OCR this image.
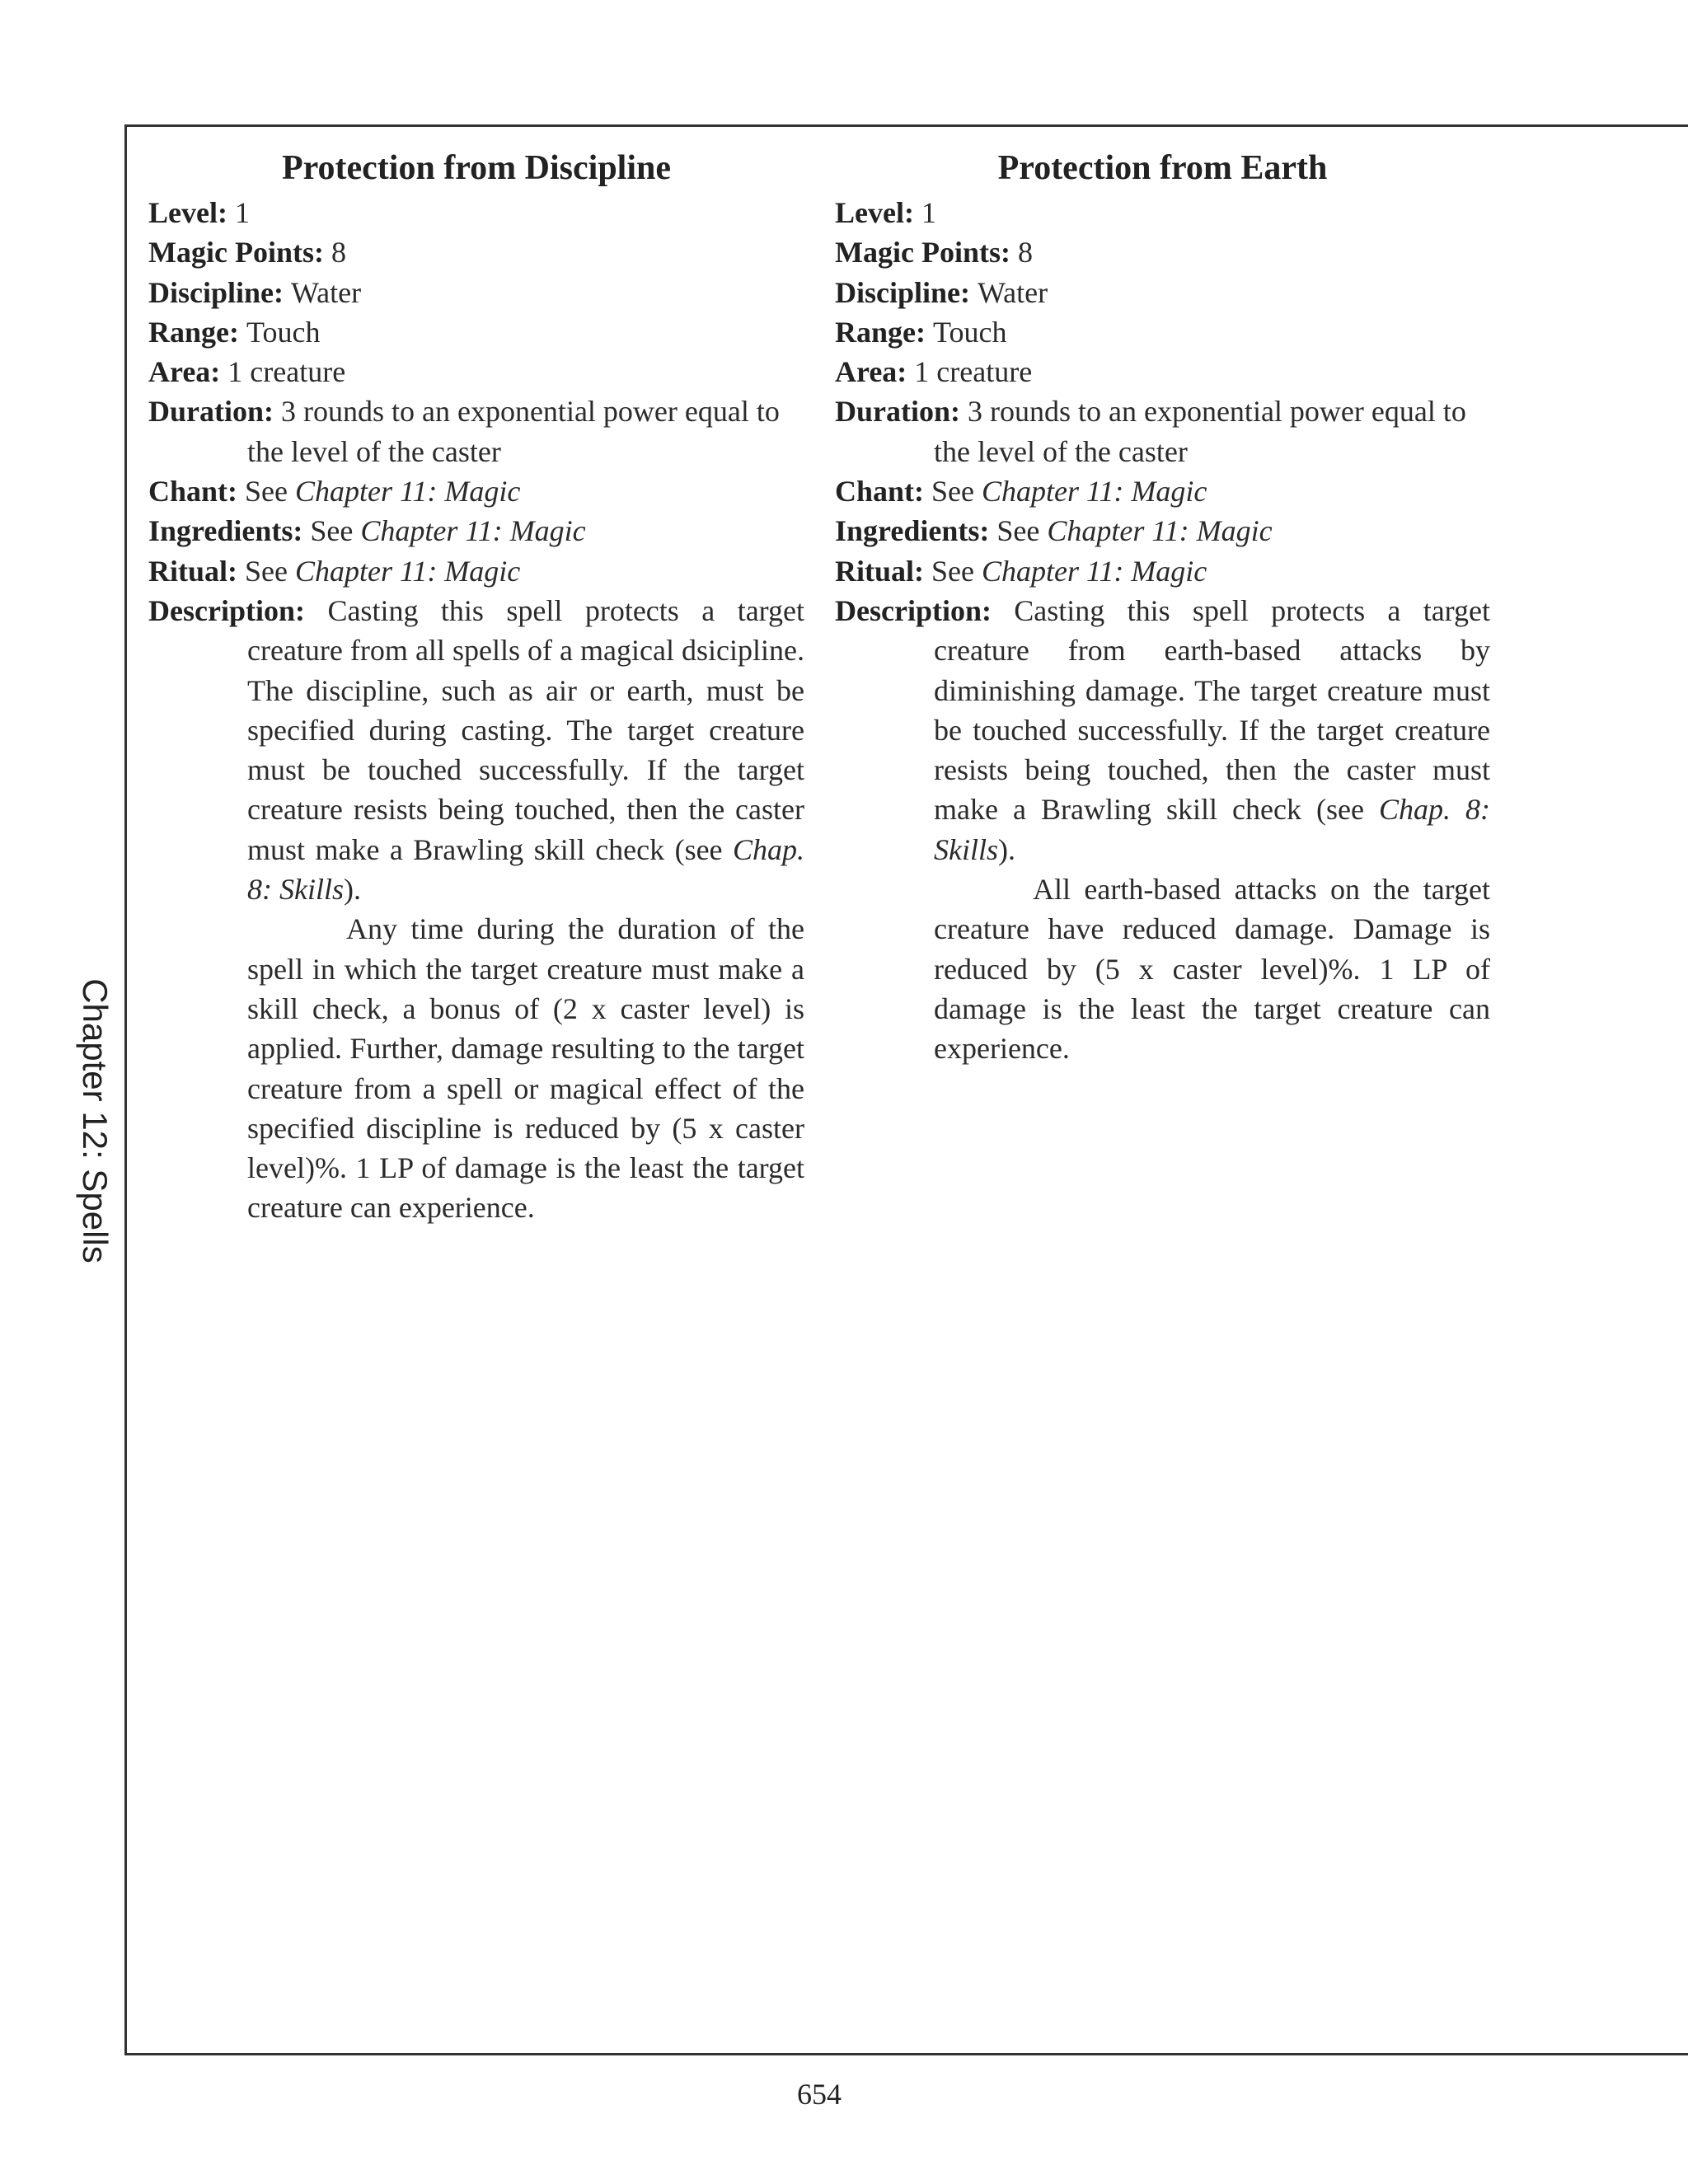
Chapter 12: Spells
Protection from Discipline

Level: 1

Magic Points: 8

Discipline: Water

Range: Touch

Area: 1 creature

Duration: 3 rounds to an exponential power equal to the level of the caster

Chant: See Chapter 11: Magic

Ingredients: See Chapter 11: Magic

Ritual: See Chapter 11: Magic

Description: Casting this spell protects a target creature from all spells of a magical dsicipline. The discipline, such as air or earth, must be specified during casting. The target creature must be touched successfully. If the target creature resists being touched, then the caster must make a Brawling skill check (see Chap. 8: Skills).

Any time during the duration of the spell in which the target creature must make a skill check, a bonus of (2 x caster level) is applied. Further, damage resulting to the target creature from a spell or magical effect of the specified discipline is reduced by (5 x caster level)%. 1 LP of damage is the least the target creature can experience.

Protection from Earth

Level: 1

Magic Points: 8

Discipline: Water

Range: Touch

Area: 1 creature

Duration: 3 rounds to an exponential power equal to the level of the caster

Chant: See Chapter 11: Magic

Ingredients: See Chapter 11: Magic

Ritual: See Chapter 11: Magic

Description: Casting this spell protects a target creature from earth-based attacks by diminishing damage. The target creature must be touched successfully. If the target creature resists being touched, then the caster must make a Brawling skill check (see Chap. 8: Skills).

All earth-based attacks on the target creature have reduced damage. Damage is reduced by (5 x caster level)%. 1 LP of damage is the least the target creature can experience.

654
